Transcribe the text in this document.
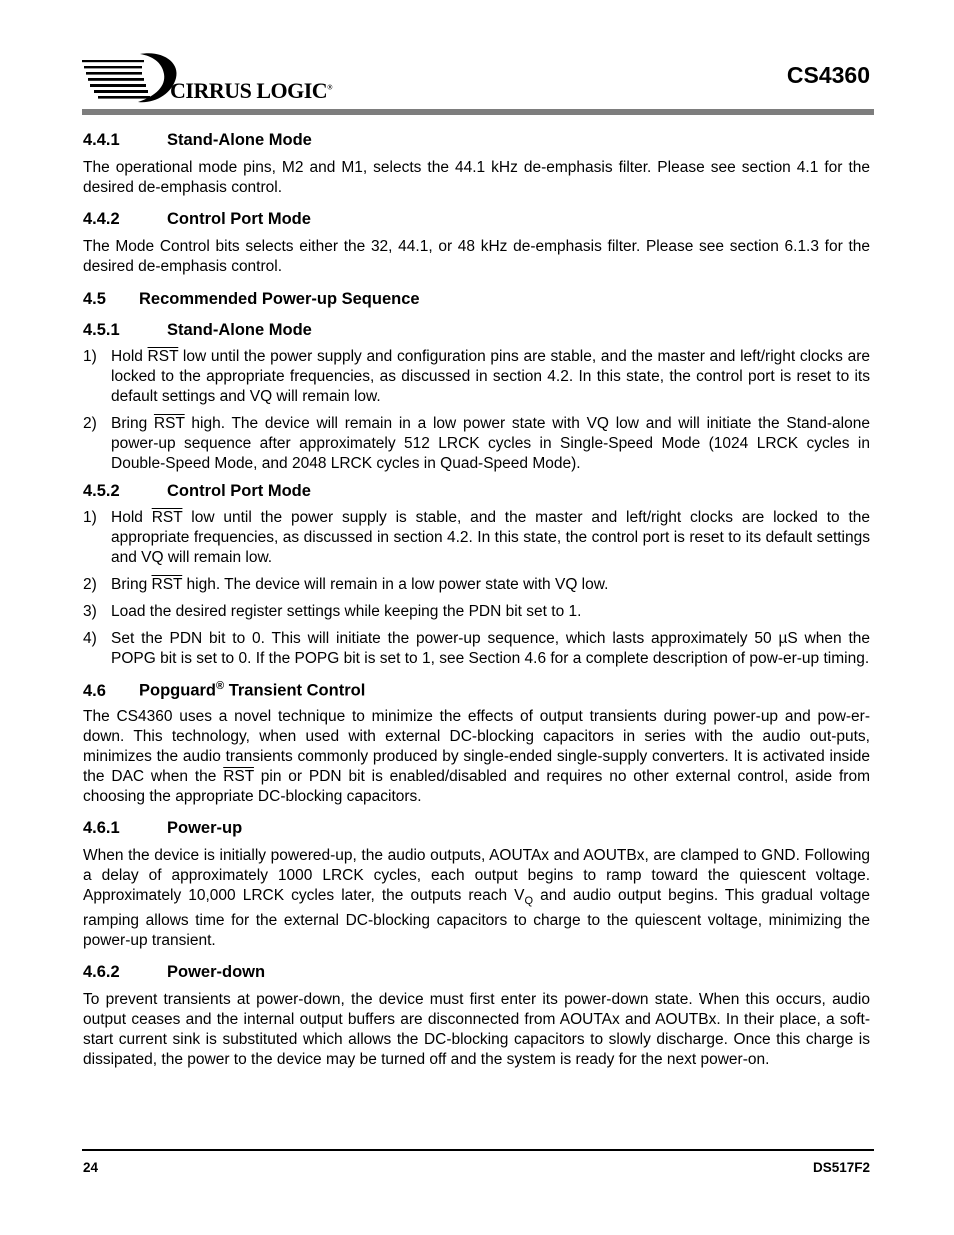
CIRRUS LOGIC®	CS4360
4.4.1	Stand-Alone Mode

The operational mode pins, M2 and M1, selects the 44.1 kHz de-emphasis filter. Please see section 4.1 for the desired de-emphasis control.

4.4.2	Control Port Mode

The Mode Control bits selects either the 32, 44.1, or 48 kHz de-emphasis filter. Please see section 6.1.3 for the desired de-emphasis control.

4.5 Recommended Power-up Sequence
4.5.1	Stand-Alone Mode
1) Hold $\overline{RST}$ low until the power supply and configuration pins are stable, and the master and left/right clocks are locked to the appropriate frequencies, as discussed in section 4.2. In this state, the control port is reset to its default settings and VQ will remain low.
2) Bring $\overline{RST}$ high. The device will remain in a low power state with VQ low and will initiate the Stand-alone power-up sequence after approximately 512 LRCK cycles in Single-Speed Mode (1024 LRCK cycles in Double-Speed Mode, and 2048 LRCK cycles in Quad-Speed Mode).
4.5.2	Control Port Mode
1) Hold $\overline{RST}$ low until the power supply is stable, and the master and left/right clocks are locked to the appropriate frequencies, as discussed in section 4.2. In this state, the control port is reset to its default settings and VQ will remain low.
2) Bring $\overline{RST}$ high. The device will remain in a low power state with VQ low.
3) Load the desired register settings while keeping the PDN bit set to 1.
4) Set the PDN bit to 0. This will initiate the power-up sequence, which lasts approximately 50 µS when the POPG bit is set to 0. If the POPG bit is set to 1, see Section 4.6 for a complete description of pow-er-up timing.
4.6 Popguard® Transient Control

The CS4360 uses a novel technique to minimize the effects of output transients during power-up and pow-er-down. This technology, when used with external DC-blocking capacitors in series with the audio out-puts, minimizes the audio transients commonly produced by single-ended single-supply converters. It is activated inside the DAC when the $\overline{RST}$ pin or PDN bit is enabled/disabled and requires no other external control, aside from choosing the appropriate DC-blocking capacitors.

4.6.1	Power-up

When the device is initially powered-up, the audio outputs, AOUTAx and AOUTBx, are clamped to GND. Following a delay of approximately 1000 LRCK cycles, each output begins to ramp toward the quiescent voltage. Approximately 10,000 LRCK cycles later, the outputs reach $V_Q$ and audio output begins. This gradual voltage ramping allows time for the external DC-blocking capacitors to charge to the quiescent voltage, minimizing the power-up transient.

4.6.2	Power-down

To prevent transients at power-down, the device must first enter its power-down state. When this occurs, audio output ceases and the internal output buffers are disconnected from AOUTAx and AOUTBx. In their place, a soft-start current sink is substituted which allows the DC-blocking capacitors to slowly discharge. Once this charge is dissipated, the power to the device may be turned off and the system is ready for the next power-on.

24	DS517F2
